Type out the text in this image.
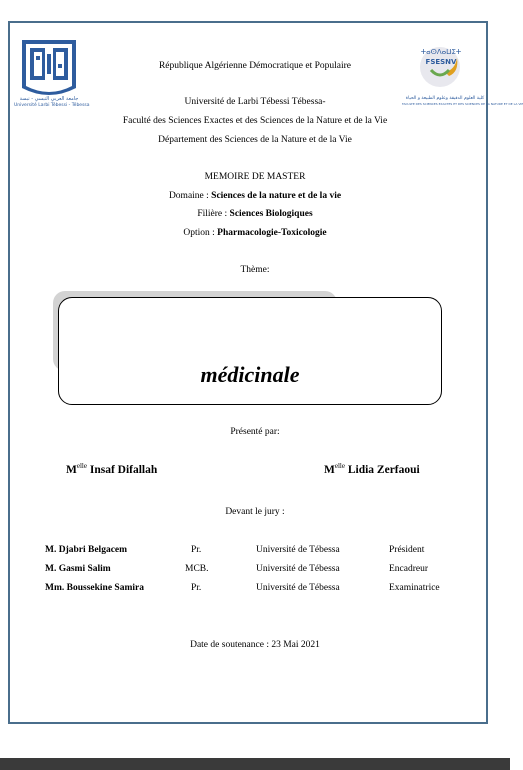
جامعة العربي التبسي - تبسة
Université Larbi Tébessi - Tébessa
ⵜⴰⵙⴷⴰⵡⵉⵜ
FSESNV
كلية العلوم الدقيقة وعلوم الطبيعة و الحياة
FACULTE DES SCIENCES EXACTES ET DES SCIENCES DE LA NATURE ET DE LA VIE
République Algérienne Démocratique et Populaire
Université de Larbi Tébessi Tébessa-
Faculté des Sciences Exactes et des Sciences de la Nature et de la Vie
Département des Sciences de la Nature et de la Vie
MEMOIRE DE MASTER
Domaine : Sciences de la nature et de la vie
Filière : Sciences Biologiques
Option : Pharmacologie-Toxicologie
Thème:
médicinale
Présenté par:
$M^{elle}$ Insaf Difallah	$M^{elle}$ Lidia Zerfaoui
Devant le jury :
M. Djabri Belgacem	Pr.	Université de Tébessa	Président
M. Gasmi Salim	MCB.	Université de Tébessa	Encadreur
Mm. Boussekine Samira	Pr.	Université de Tébessa	Examinatrice
Date de soutenance : 23 Mai 2021
